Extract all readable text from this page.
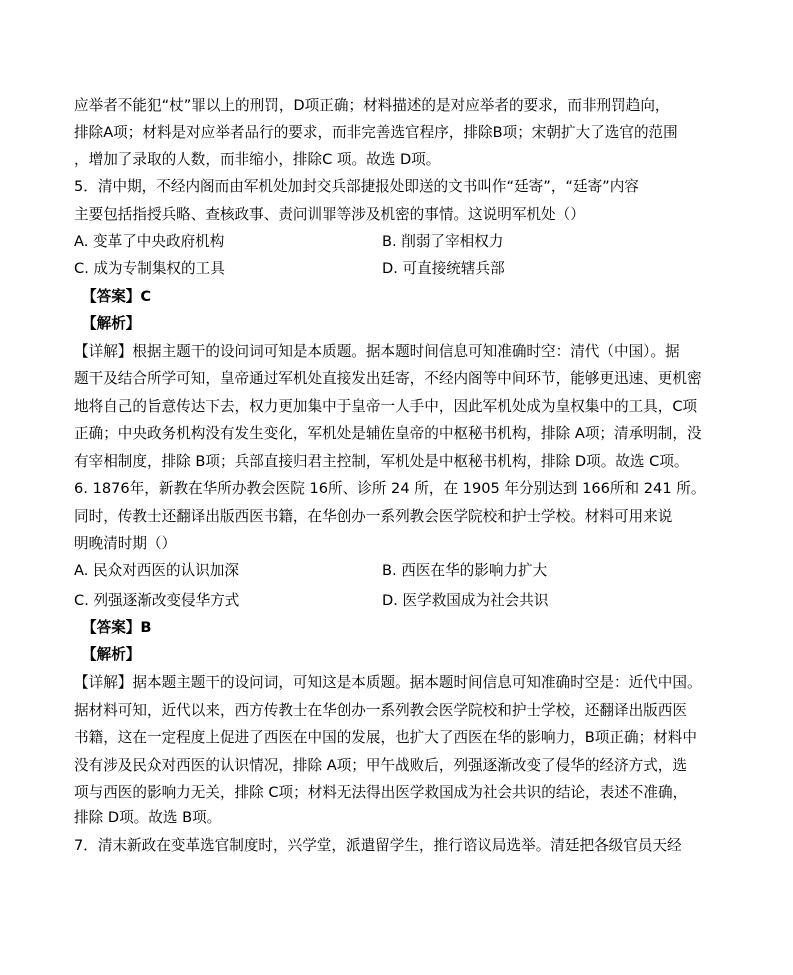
应举者不能犯“杖”罪以上的刑罚，D项正确；材料描述的是对应举者的要求，而非刑罚趋向，
排除A项；材料是对应举者品行的要求，而非完善选官程序，排除B项；宋朝扩大了选官的范围
，增加了录取的人数，而非缩小，排除C 项。故选 D项。
5．清中期，不经内阁而由军机处加封交兵部捷报处即送的文书叫作“廷寄”，“廷寄”内容
主要包括指授兵略、查核政事、责问训罪等涉及机密的事情。这说明军机处（）
A. 变革了中央政府机构	B. 削弱了宰相权力
C. 成为专制集权的工具	D. 可直接统辖兵部
【答案】C
【解析】
【详解】根据主题干的设问词可知是本质题。据本题时间信息可知准确时空：清代（中国）。据
题干及结合所学可知，皇帝通过军机处直接发出廷寄，不经内阁等中间环节，能够更迅速、更机密
地将自己的旨意传达下去，权力更加集中于皇帝一人手中，因此军机处成为皇权集中的工具，C项
正确；中央政务机构没有发生变化，军机处是辅佐皇帝的中枢秘书机构，排除 A项；清承明制，没
有宰相制度，排除 B项；兵部直接归君主控制，军机处是中枢秘书机构，排除 D项。故选 C项。
6. 1876年，新教在华所办教会医院 16所、诊所 24 所，在 1905 年分别达到 166所和 241 所。
同时，传教士还翻译出版西医书籍，在华创办一系列教会医学院校和护士学校。材料可用来说
明晚清时期（）
A. 民众对西医的认识加深	B. 西医在华的影响力扩大
C. 列强逐渐改变侵华方式	D. 医学救国成为社会共识
【答案】B
【解析】
【详解】据本题主题干的设问词，可知这是本质题。据本题时间信息可知准确时空是：近代中国。
据材料可知，近代以来，西方传教士在华创办一系列教会医学院校和护士学校，还翻译出版西医
书籍，这在一定程度上促进了西医在中国的发展，也扩大了西医在华的影响力，B项正确；材料中
没有涉及民众对西医的认识情况，排除 A项；甲午战败后，列强逐渐改变了侵华的经济方式，选
项与西医的影响力无关，排除 C项；材料无法得出医学救国成为社会共识的结论，表述不准确，
排除 D项。故选 B项。
7．清末新政在变革选官制度时，兴学堂，派遣留学生，推行谘议局选举。清廷把各级官员天经
